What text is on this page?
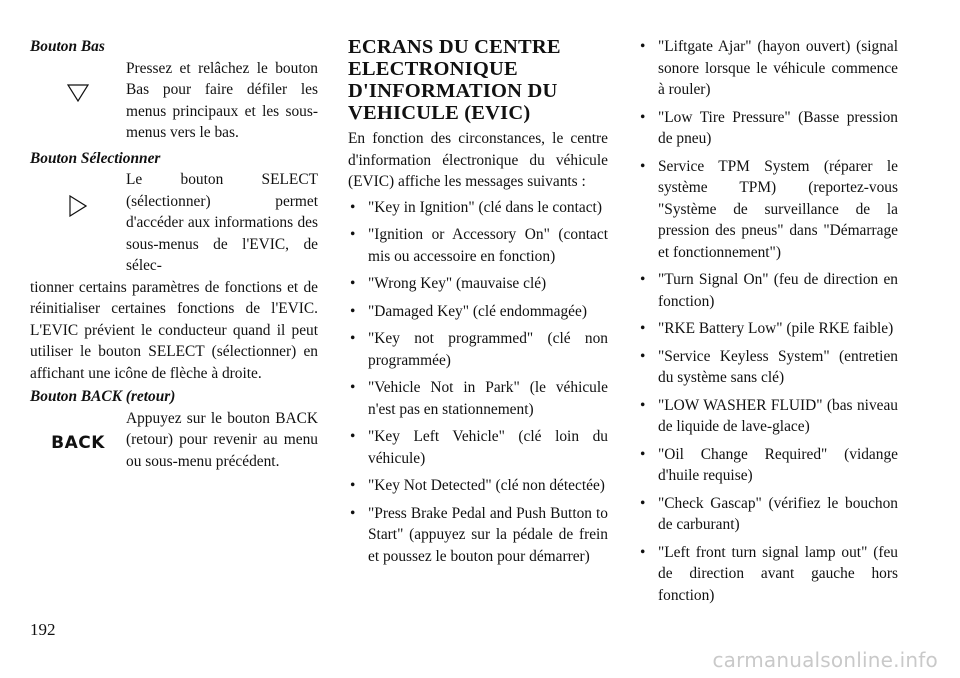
Bouton Bas

Pressez et relâchez le bouton Bas pour faire défiler les menus principaux et les sous-menus vers le bas.

Bouton Sélectionner

Le bouton SELECT (sélectionner) permet d'accéder aux informations des sous-menus de l'EVIC, de sélec-

tionner certains paramètres de fonctions et de réinitialiser certaines fonctions de l'EVIC. L'EVIC prévient le conducteur quand il peut utiliser le bouton SELECT (sélectionner) en affichant une icône de flèche à droite.

Bouton BACK (retour)

BACK

Appuyez sur le bouton BACK (retour) pour revenir au menu ou sous-menu précédent.

ECRANS DU CENTRE ELECTRONIQUE D'INFORMATION DU VEHICULE (EVIC)

En fonction des circonstances, le centre d'information électronique du véhicule (EVIC) affiche les messages suivants :

• "Key in Ignition" (clé dans le contact)
• "Ignition or Accessory On" (contact mis ou accessoire en fonction)
• "Wrong Key" (mauvaise clé)
• "Damaged Key" (clé endommagée)
• "Key not programmed" (clé non programmée)
• "Vehicle Not in Park" (le véhicule n'est pas en stationnement)
• "Key Left Vehicle" (clé loin du véhicule)
• "Key Not Detected" (clé non détectée)
• "Press Brake Pedal and Push Button to Start" (appuyez sur la pédale de frein et poussez le bouton pour démarrer)
• "Liftgate Ajar" (hayon ouvert) (signal sonore lorsque le véhicule commence à rouler)
• "Low Tire Pressure" (Basse pression de pneu)
• Service TPM System (réparer le système TPM) (reportez-vous "Système de surveillance de la pression des pneus" dans "Démarrage et fonctionnement")
• "Turn Signal On" (feu de direction en fonction)
• "RKE Battery Low" (pile RKE faible)
• "Service Keyless System" (entretien du système sans clé)
• "LOW WASHER FLUID" (bas niveau de liquide de lave-glace)
• "Oil Change Required" (vidange d'huile requise)
• "Check Gascap" (vérifiez le bouchon de carburant)
• "Left front turn signal lamp out" (feu de direction avant gauche hors fonction)

192

carmanualsonline.info
